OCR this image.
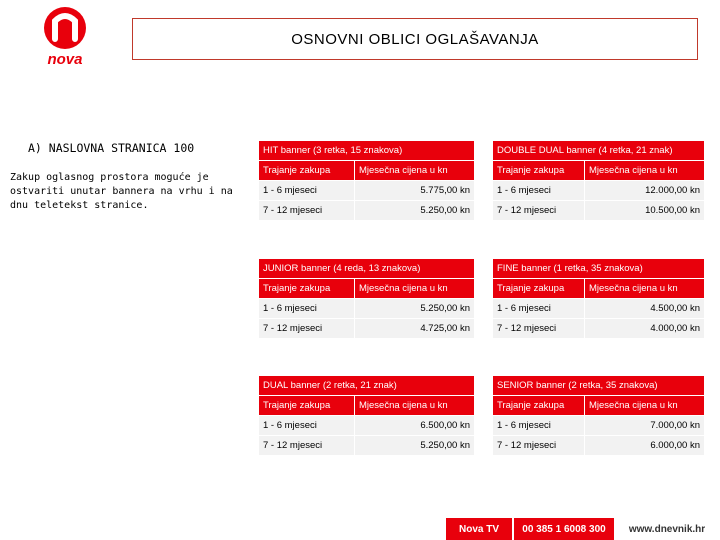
nova
OSNOVNI OBLICI OGLAŠAVANJA
A) NASLOVNA STRANICA 100
Zakup oglasnog prostora moguće je ostvariti unutar bannera na vrhu i na dnu teletekst stranice.
HIT banner (3 retka, 15 znakova)	
Trajanje zakupa	Mjesečna cijena u kn
1 - 6 mjeseci	5.775,00 kn
7 - 12 mjeseci	5.250,00 kn
DOUBLE DUAL banner (4 retka, 21 znak)	
Trajanje zakupa	Mjesečna cijena u kn
1 - 6 mjeseci	12.000,00 kn
7 - 12 mjeseci	10.500,00 kn
JUNIOR banner (4 reda, 13 znakova)	
Trajanje zakupa	Mjesečna cijena u kn
1 - 6 mjeseci	5.250,00 kn
7 - 12 mjeseci	4.725,00 kn
FINE banner (1 retka, 35 znakova)	
Trajanje zakupa	Mjesečna cijena u kn
1 - 6 mjeseci	4.500,00 kn
7 - 12 mjeseci	4.000,00 kn
DUAL banner (2 retka, 21 znak)	
Trajanje zakupa	Mjesečna cijena u kn
1 - 6 mjeseci	6.500,00 kn
7 - 12 mjeseci	5.250,00 kn
SENIOR banner (2 retka, 35 znakova)	
Trajanje zakupa	Mjesečna cijena u kn
1 - 6 mjeseci	7.000,00 kn
7 - 12 mjeseci	6.000,00 kn
Nova TV	00 385 1 6008 300	www.dnevnik.hr
